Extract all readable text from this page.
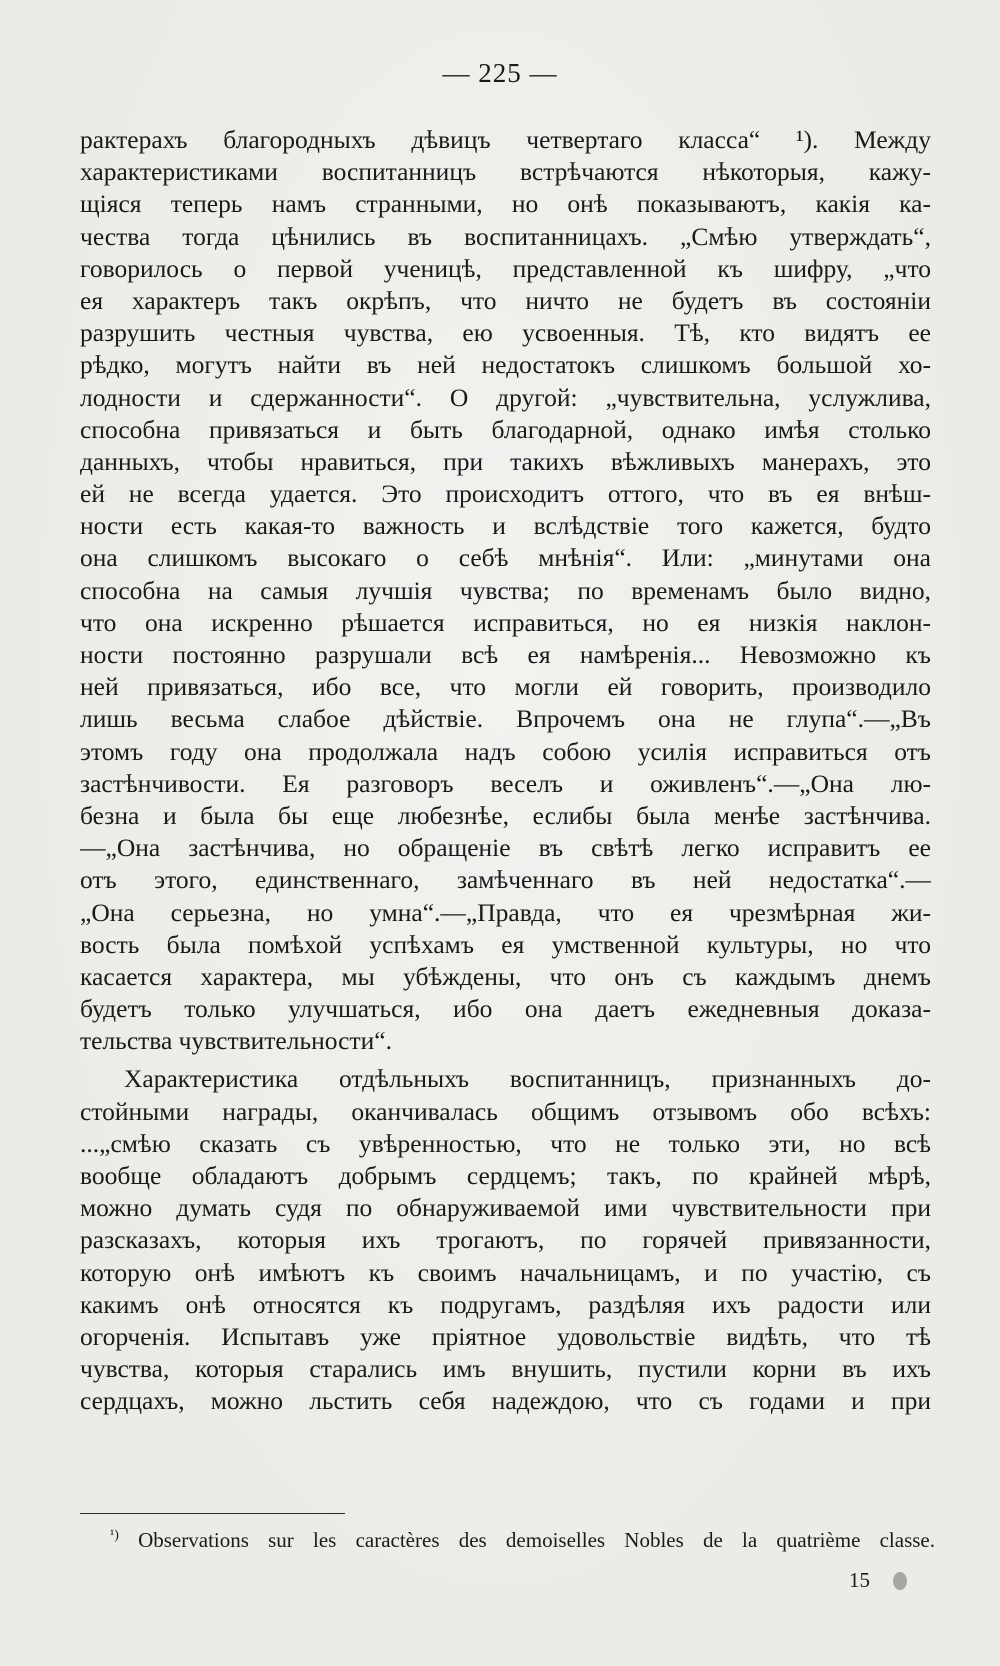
— 225 —
рактерахъ благородныхъ дѣвицъ четвертаго класса“ ¹). Между
характеристиками воспитанницъ встрѣчаются нѣкоторыя, кажу-
щіяся теперь намъ странными, но онѣ показываютъ, какія ка-
чества тогда цѣнились въ воспитанницахъ. „Смѣю утверждать“,
говорилось о первой ученицѣ, представленной къ шифру, „что
ея характеръ такъ окрѣпъ, что ничто не будетъ въ состояніи
разрушить честныя чувства, ею усвоенныя. Тѣ, кто видятъ ее
рѣдко, могутъ найти въ ней недостатокъ слишкомъ большой хо-
лодности и сдержанности“. О другой: „чувствительна, услужлива,
способна привязаться и быть благодарной, однако имѣя столько
данныхъ, чтобы нравиться, при такихъ вѣжливыхъ манерахъ, это
ей не всегда удается. Это происходитъ оттого, что въ ея внѣш-
ности есть какая-то важность и вслѣдствіе того кажется, будто
она слишкомъ высокаго о себѣ мнѣнія“. Или: „минутами она
способна на самыя лучшія чувства; по временамъ было видно,
что она искренно рѣшается исправиться, но ея низкія наклон-
ности постоянно разрушали всѣ ея намѣренія... Невозможно къ
ней привязаться, ибо все, что могли ей говорить, производило
лишь весьма слабое дѣйствіе. Впрочемъ она не глупа“.—„Въ
этомъ году она продолжала надъ собою усилія исправиться отъ
застѣнчивости. Ея разговоръ веселъ и оживленъ“.—„Она лю-
безна и была бы еще любезнѣе, еслибы была менѣе застѣнчива.
—„Она застѣнчива, но обращеніе въ свѣтѣ легко исправитъ ее
отъ этого, единственнаго, замѣченнаго въ ней недостатка“.—
„Она серьезна, но умна“.—„Правда, что ея чрезмѣрная жи-
вость была помѣхой успѣхамъ ея умственной культуры, но что
касается характера, мы убѣждены, что онъ съ каждымъ днемъ
будетъ только улучшаться, ибо она даетъ ежедневныя доказа-
тельства чувствительности“.
Характеристика отдѣльныхъ воспитанницъ, признанныхъ до-
стойными награды, оканчивалась общимъ отзывомъ обо всѣхъ:
...„смѣю сказать съ увѣренностью, что не только эти, но всѣ
вообще обладаютъ добрымъ сердцемъ; такъ, по крайней мѣрѣ,
можно думать судя по обнаруживаемой ими чувствительности при
разсказахъ, которыя ихъ трогаютъ, по горячей привязанности,
которую онѣ имѣютъ къ своимъ начальницамъ, и по участію, съ
какимъ онѣ относятся къ подругамъ, раздѣляя ихъ радости или
огорченія. Испытавъ уже пріятное удовольствіе видѣть, что тѣ
чувства, которыя старались имъ внушить, пустили корни въ ихъ
сердцахъ, можно льстить себя надеждою, что съ годами и при
$^{^1)}$ Observations sur les caractères des demoiselles Nobles de la quatrième classe.
15
